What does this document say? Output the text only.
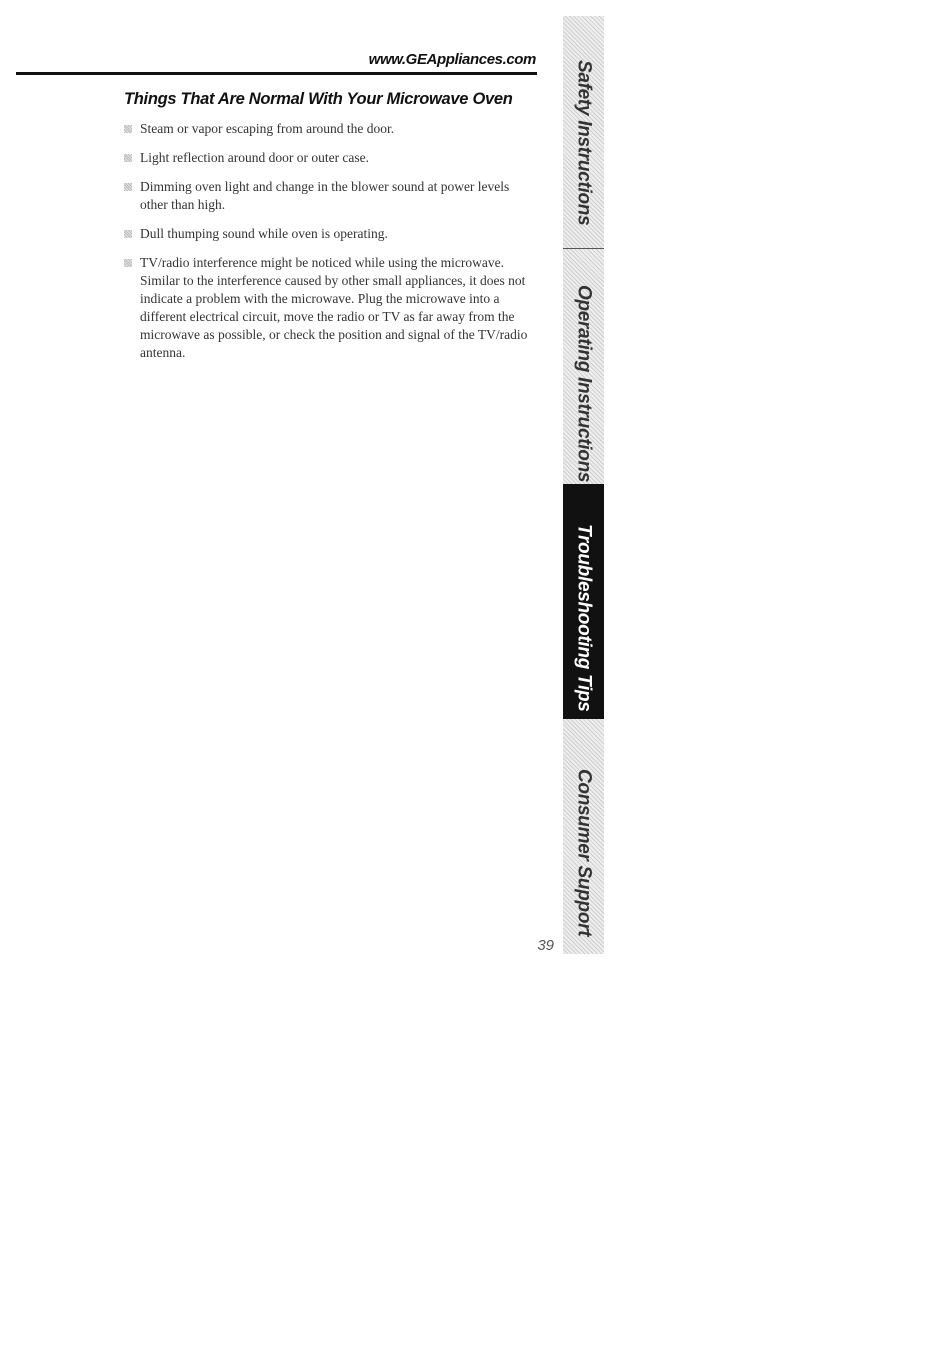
www.GEAppliances.com
Things That Are Normal With Your Microwave Oven
Steam or vapor escaping from around the door.
Light reflection around door or outer case.
Dimming oven light and change in the blower sound at power levels other than high.
Dull thumping sound while oven is operating.
TV/radio interference might be noticed while using the microwave. Similar to the interference caused by other small appliances, it does not indicate a problem with the microwave. Plug the microwave into a different electrical circuit, move the radio or TV as far away from the microwave as possible, or check the position and signal of the TV/radio antenna.
Safety Instructions
Operating Instructions
Troubleshooting Tips
Consumer Support
39
